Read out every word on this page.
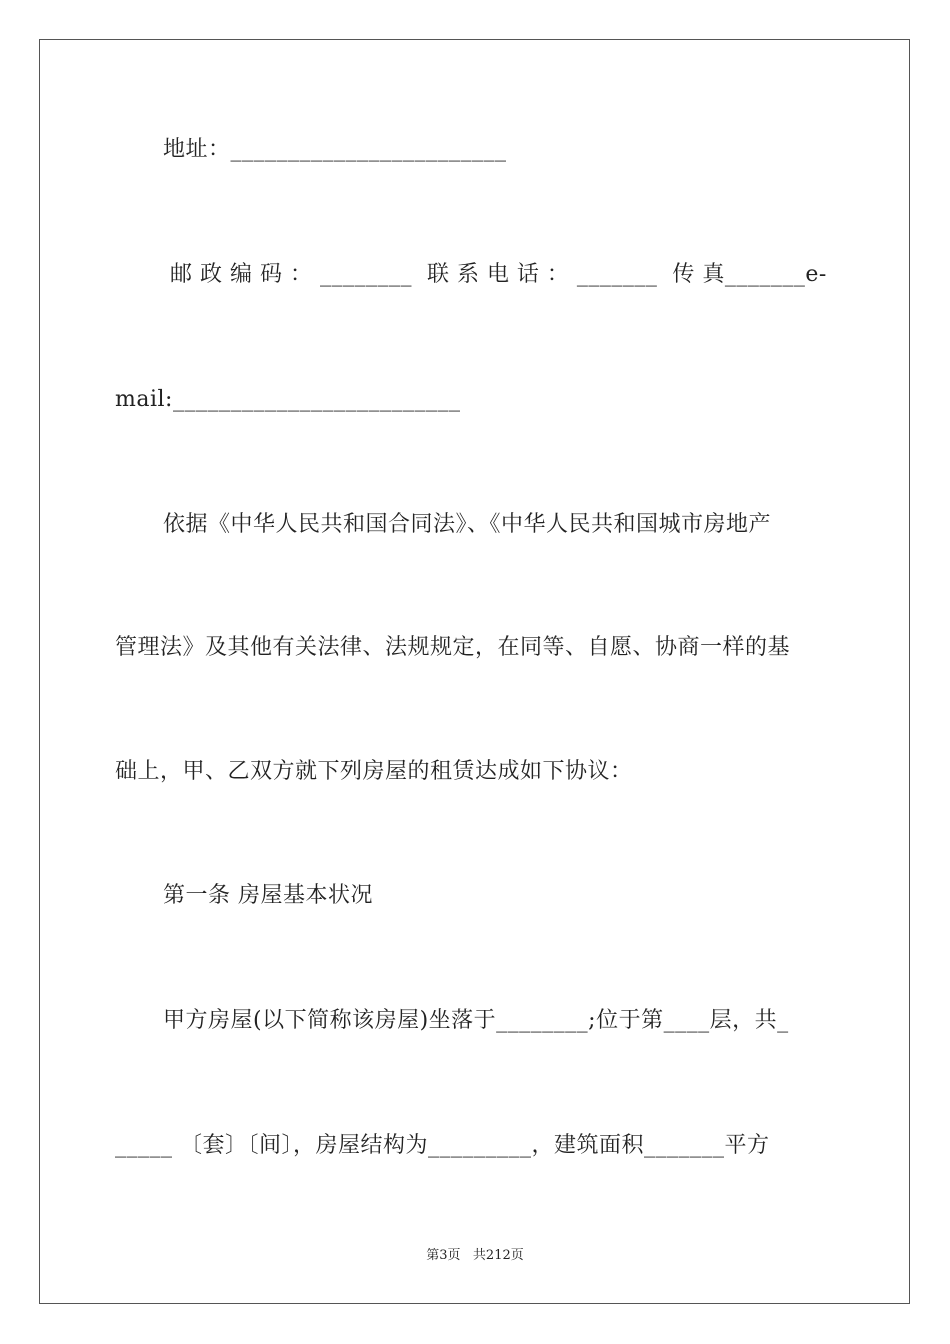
地址：________________________
邮 政 编 码 ： ________  联 系 电 话 ： _______  传 真_______e-
mail:_________________________
依据《中华人民共和国合同法》、《中华人民共和国城市房地产
管理法》及其他有关法律、法规规定，在同等、自愿、协商一样的基
础上，甲、乙双方就下列房屋的租赁达成如下协议：
第一条 房屋基本状况
甲方房屋(以下简称该房屋)坐落于________;位于第____层，共_
_____ 〔套〕〔间〕，房屋结构为_________，建筑面积_______平方
第3页 共212页
